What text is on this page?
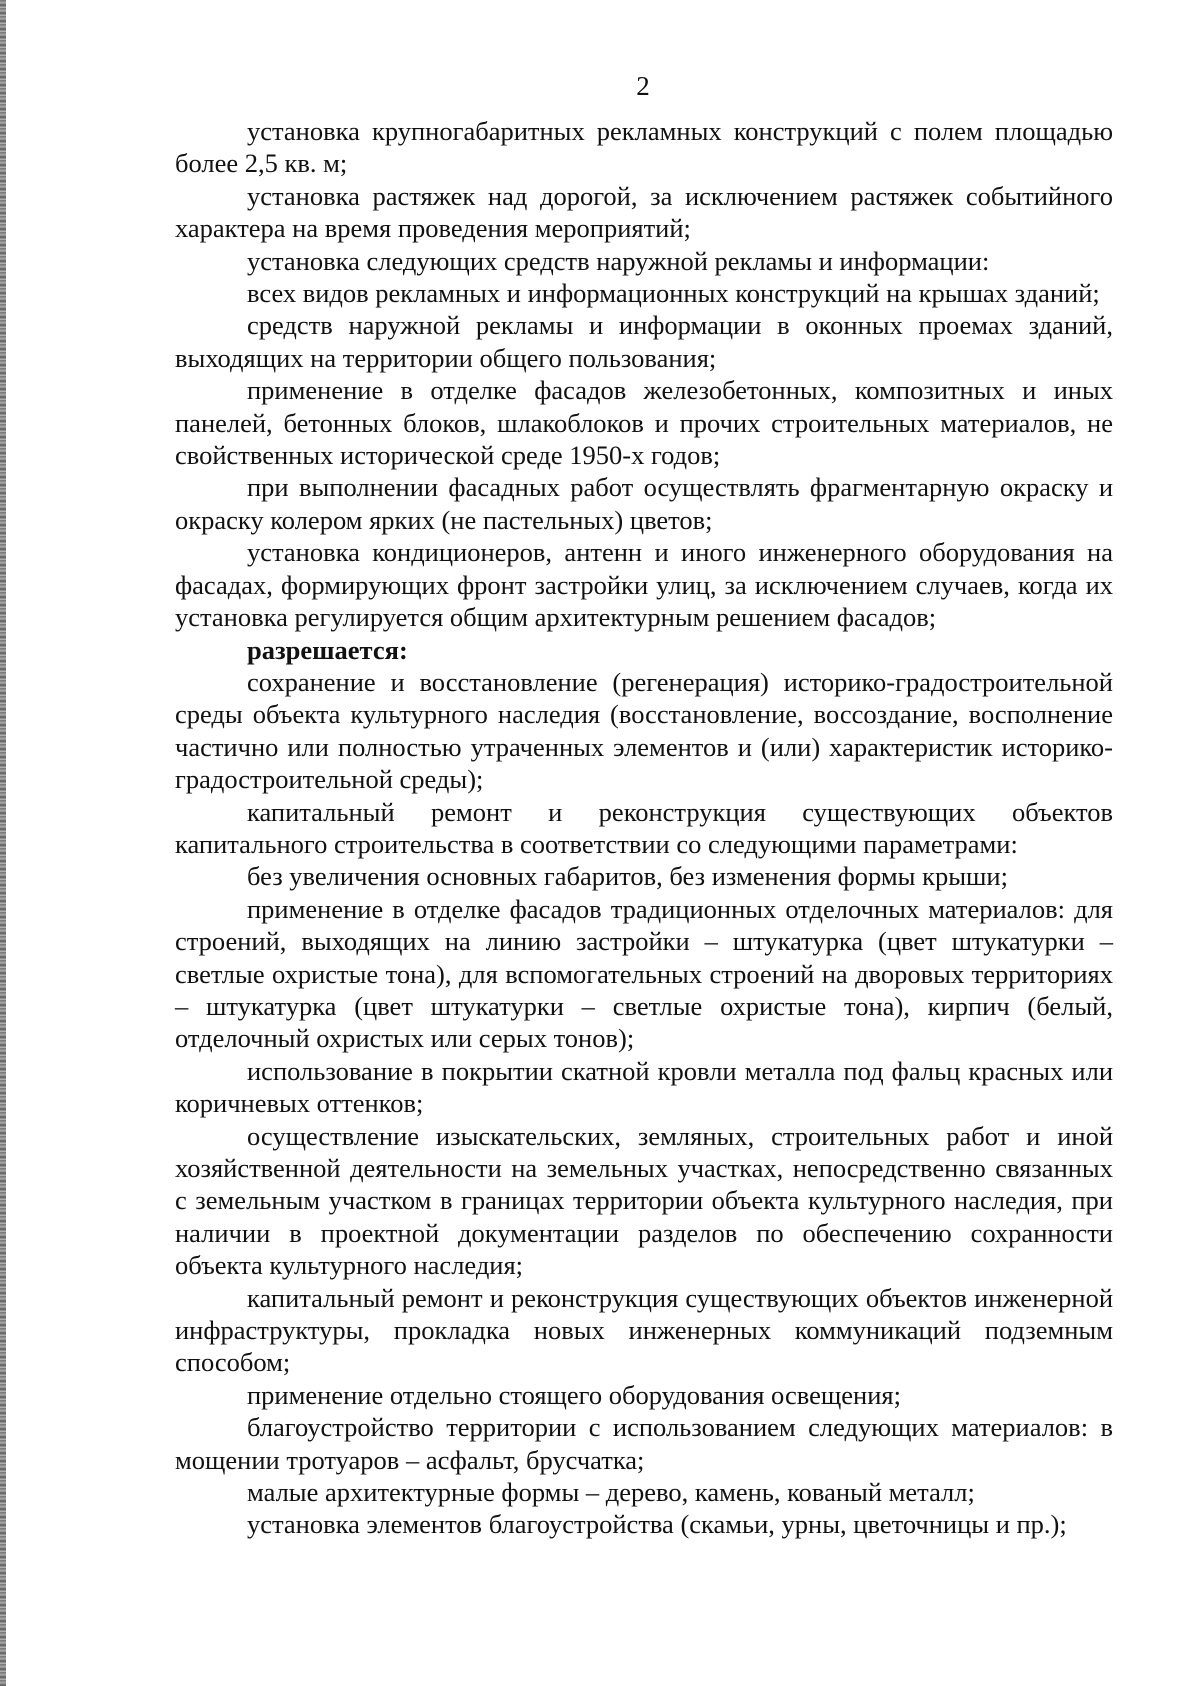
2

установка крупногабаритных рекламных конструкций с полем площадью более 2,5 кв. м;

установка растяжек над дорогой, за исключением растяжек событийного характера на время проведения мероприятий;

установка следующих средств наружной рекламы и информации:

всех видов рекламных и информационных конструкций на крышах зданий;

средств наружной рекламы и информации в оконных проемах зданий, выходящих на территории общего пользования;

применение в отделке фасадов железобетонных, композитных и иных панелей, бетонных блоков, шлакоблоков и прочих строительных материалов, не свойственных исторической среде 1950-х годов;

при выполнении фасадных работ осуществлять фрагментарную окраску и окраску колером ярких (не пастельных) цветов;

установка кондиционеров, антенн и иного инженерного оборудования на фасадах, формирующих фронт застройки улиц, за исключением случаев, когда их установка регулируется общим архитектурным решением фасадов;

разрешается:

сохранение и восстановление (регенерация) историко-градостроительной среды объекта культурного наследия (восстановление, воссоздание, восполнение частично или полностью утраченных элементов и (или) характеристик историко-градостроительной среды);

капитальный ремонт и реконструкция существующих объектов капитального строительства в соответствии со следующими параметрами:

без увеличения основных габаритов, без изменения формы крыши;

применение в отделке фасадов традиционных отделочных материалов: для строений, выходящих на линию застройки – штукатурка (цвет штукатурки – светлые охристые тона), для вспомогательных строений на дворовых территориях – штукатурка (цвет штукатурки – светлые охристые тона), кирпич (белый, отделочный охристых или серых тонов);

использование в покрытии скатной кровли металла под фальц красных или коричневых оттенков;

осуществление изыскательских, земляных, строительных работ и иной хозяйственной деятельности на земельных участках, непосредственно связанных с земельным участком в границах территории объекта культурного наследия, при наличии в проектной документации разделов по обеспечению сохранности объекта культурного наследия;

капитальный ремонт и реконструкция существующих объектов инженерной инфраструктуры, прокладка новых инженерных коммуникаций подземным способом;

применение отдельно стоящего оборудования освещения;

благоустройство территории с использованием следующих материалов: в мощении тротуаров – асфальт, брусчатка;

малые архитектурные формы – дерево, камень, кованый металл;

установка элементов благоустройства (скамьи, урны, цветочницы и пр.);
